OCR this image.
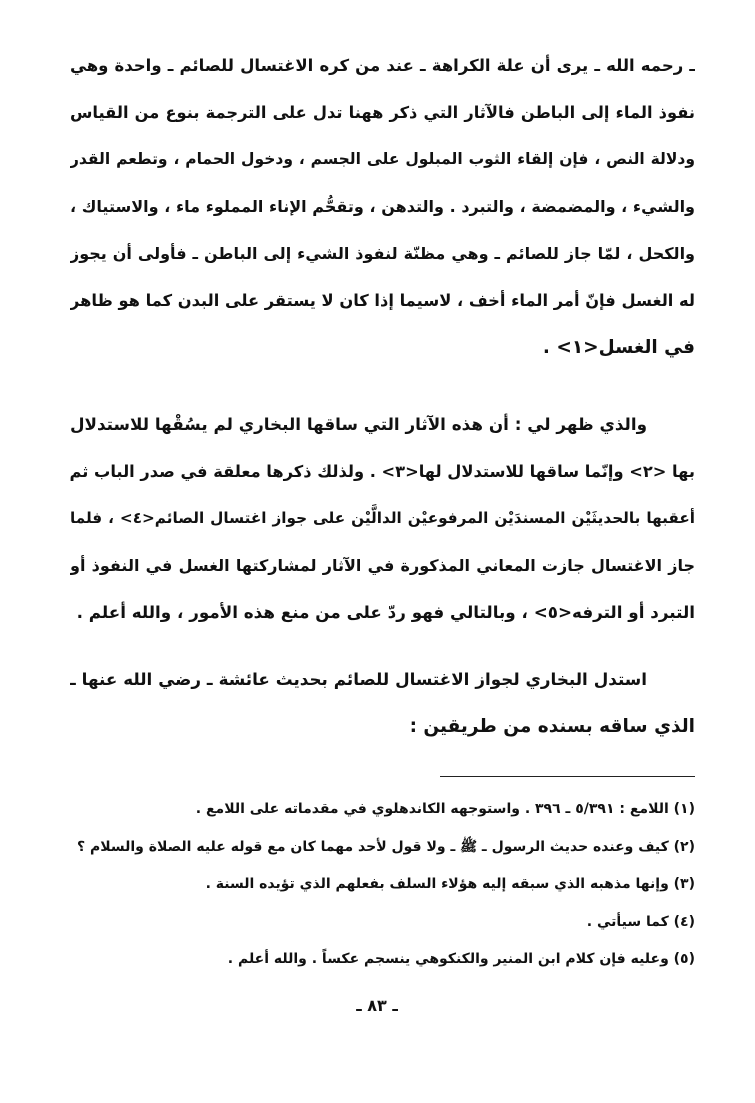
ـ رحمه الله ـ يرى أن علة الكراهة ـ عند من كره الاغتسال للصائم ـ واحدة وهي
نفوذ الماء إلى الباطن فالآثار التي ذكر ههنا تدل على الترجمة بنوع من القياس
ودلالة النص ، فإن إلقاء الثوب المبلول على الجسم ، ودخول الحمام ، وتطعم القدر
والشيء ، والمضمضة ، والتبرد . والتدهن ، وتقحُّم الإناء المملوء ماء ، والاستياك ،
والكحل ، لمّا جاز للصائم ـ وهي مظنّة لنفوذ الشيء إلى الباطن ـ فأولى أن يجوز
له الغسل فإنّ أمر الماء أخف ، لاسيما إذا كان لا يستقر على البدن كما هو ظاهر
في الغسل<١> .
والذي ظهر لي : أن هذه الآثار التي ساقها البخاري لم يسُقْها للاستدلال
بها <٢> وإنّما ساقها للاستدلال لها<٣> . ولذلك ذكرها معلقة في صدر الباب ثم
أعقبها بالحديثَيْن المسندَيْن المرفوعيْن الدالَّيْن على جواز اغتسال الصائم<٤> ، فلما
جاز الاغتسال جازت المعاني المذكورة في الآثار لمشاركتها الغسل في النفوذ أو
التبرد أو الترفه<٥> ، وبالتالي فهو ردّ على من منع هذه الأمور ، والله أعلم .
استدل البخاري لجواز الاغتسال للصائم بحديث عائشة ـ رضي الله عنها ـ
الذي ساقه بسنده من طريقين :
(١) اللامع : ٥/٣٩١ ـ ٣٩٦ . واستوجهه الكاندهلوي في مقدماته على اللامع .
(٢) كيف وعنده حديث الرسول ـ ﷺ ـ ولا قول لأحد مهما كان مع قوله عليه الصلاة والسلام ؟
(٣) وإنها مذهبه الذي سبقه إليه هؤلاء السلف بفعلهم الذي تؤيده السنة .
(٤) كما سيأتي .
(٥) وعليه فإن كلام ابن المنير والكنكوهي ينسجم عكساً . والله أعلم .
ـ ٨٣ ـ
